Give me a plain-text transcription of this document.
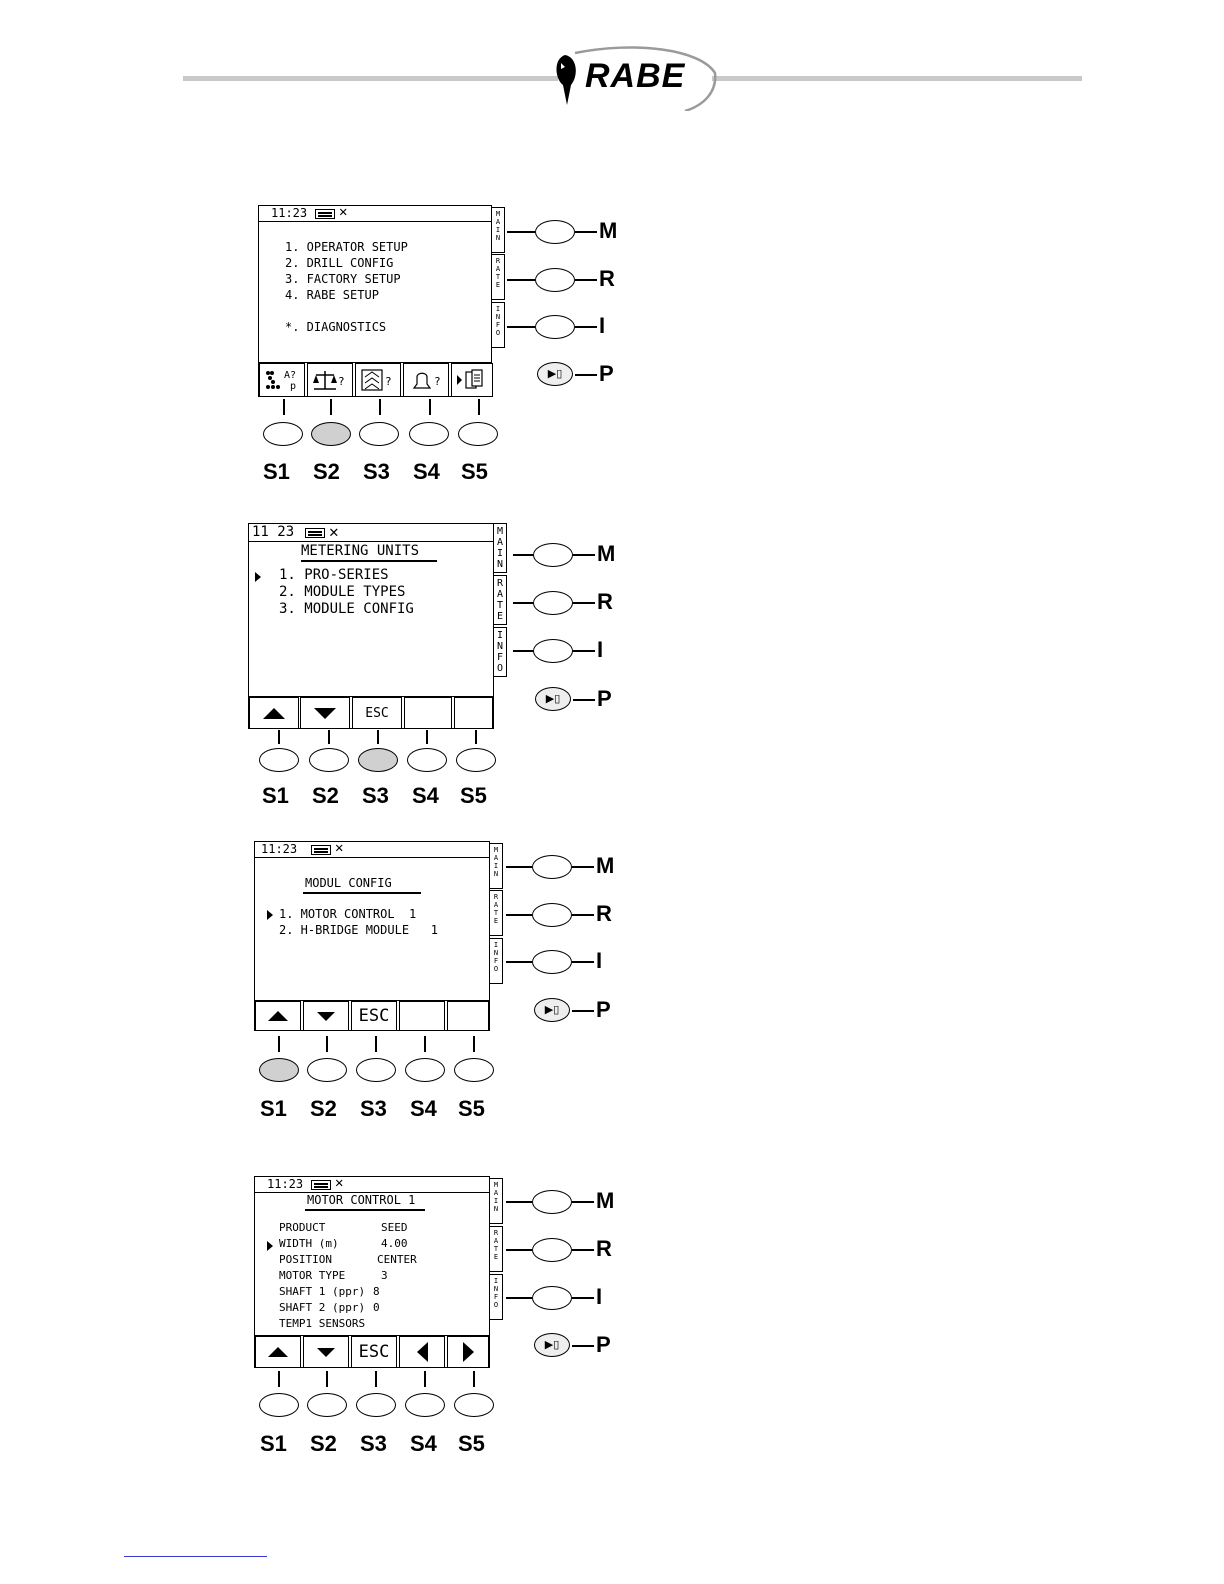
RABE
11:23 ✕
1. OPERATOR SETUP
2. DRILL CONFIG
3. FACTORY SETUP
4. RABE SETUP
*. DIAGNOSTICS
A?
p	?	?	?
MAIN
RATE
INFO
M
R
I
▶▯	P
S1 S2 S3 S4 S5
11 23 ✕
METERING UNITS
1. PRO-SERIES
2. MODULE TYPES
3. MODULE CONFIG
ESC
MAIN
RATE
INFO
M
R
I
▶▯	P
S1 S2 S3 S4 S5
11:23	✕
MODUL CONFIG
1. MOTOR CONTROL  1
2. H-BRIDGE MODULE   1
ESC
MAIN
RATE
INFO
M
R
I
▶▯	P
S1 S2 S3 S4 S5
11:23 ✕
MOTOR CONTROL 1
PRODUCT	SEED
WIDTH (m)	4.00
POSITION	CENTER
MOTOR TYPE	3
SHAFT 1 (ppr) 8
SHAFT 2 (ppr) 0
TEMP1 SENSORS
ESC
MAIN
RATE
INFO
M
R
I
▶▯	P
S1 S2 S3 S4 S5
